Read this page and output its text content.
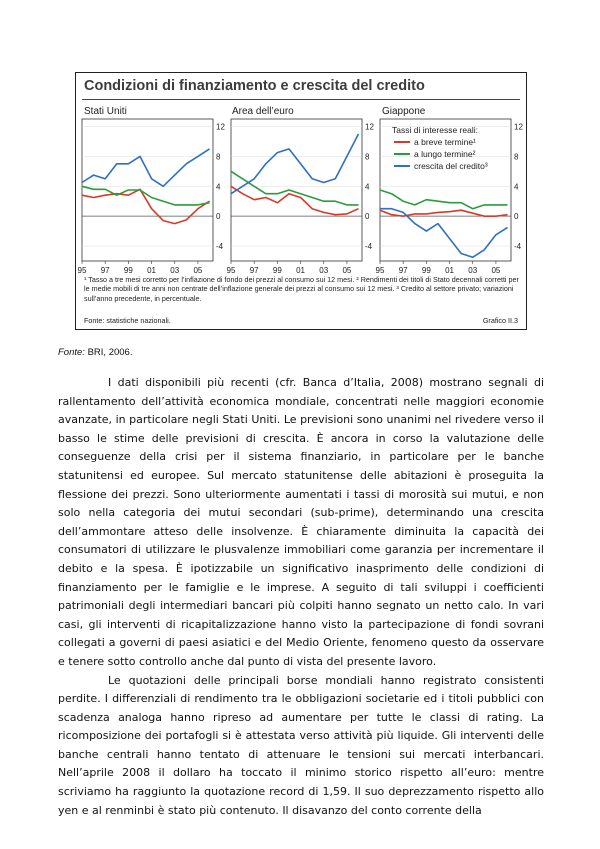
Condizioni di finanziamento e crescita del credito
Stati Uniti	Area dell’euro	Giappone
-4
0
4
8
12
95 97 99 01 03 05
-4
0
4
8
12
95 97 99 01 03 05
-4
0
4
8
12
95 97 99 01 03 05
Tassi di interesse reali:
a breve termine¹
a lungo termine²
crescita del credito³
¹ Tasso a tre mesi corretto per l’inflazione di fondo dei prezzi al consumo sui 12 mesi. ² Rendimenti dei titoli di Stato decennali corretti per le medie mobili di tre anni non centrate dell’inflazione generale dei prezzi al consumo sui 12 mesi. ³ Credito al settore privato; variazioni sull’anno precedente, in percentuale.
Fonte: statistiche nazionali.	Grafico II.3
Fonte: BRI, 2006.

I dati disponibili più recenti (cfr. Banca d’Italia, 2008) mostrano segnali di rallentamento dell’attività economica mondiale, concentrati nelle maggiori economie avanzate, in particolare negli Stati Uniti. Le previsioni sono unanimi nel rivedere verso il basso le stime delle previsioni di crescita. È ancora in corso la valutazione delle conseguenze della crisi per il sistema finanziario, in particolare per le banche statunitensi ed europee. Sul mercato statunitense delle abitazioni è proseguita la flessione dei prezzi. Sono ulteriormente aumentati i tassi di morosità sui mutui, e non solo nella categoria dei mutui secondari (sub-prime), determinando una crescita dell’ammontare atteso delle insolvenze. È chiaramente diminuita la capacità dei consumatori di utilizzare le plusvalenze immobiliari come garanzia per incrementare il debito e la spesa. È ipotizzabile un significativo inasprimento delle condizioni di finanziamento per le famiglie e le imprese. A seguito di tali sviluppi i coefficienti patrimoniali degli intermediari bancari più colpiti hanno segnato un netto calo. In vari casi, gli interventi di ricapitalizzazione hanno visto la partecipazione di fondi sovrani collegati a governi di paesi asiatici e del Medio Oriente, fenomeno questo da osservare e tenere sotto controllo anche dal punto di vista del presente lavoro.

Le quotazioni delle principali borse mondiali hanno registrato consistenti perdite. I differenziali di rendimento tra le obbligazioni societarie ed i titoli pubblici con scadenza analoga hanno ripreso ad aumentare per tutte le classi di rating. La ricomposizione dei portafogli si è attestata verso attività più liquide. Gli interventi delle banche centrali hanno tentato di attenuare le tensioni sui mercati interbancari. Nell’aprile 2008 il dollaro ha toccato il minimo storico rispetto all’euro: mentre scriviamo ha raggiunto la quotazione record di 1,59. Il suo deprezzamento rispetto allo yen e al renminbi è stato più contenuto. Il disavanzo del conto corrente della
